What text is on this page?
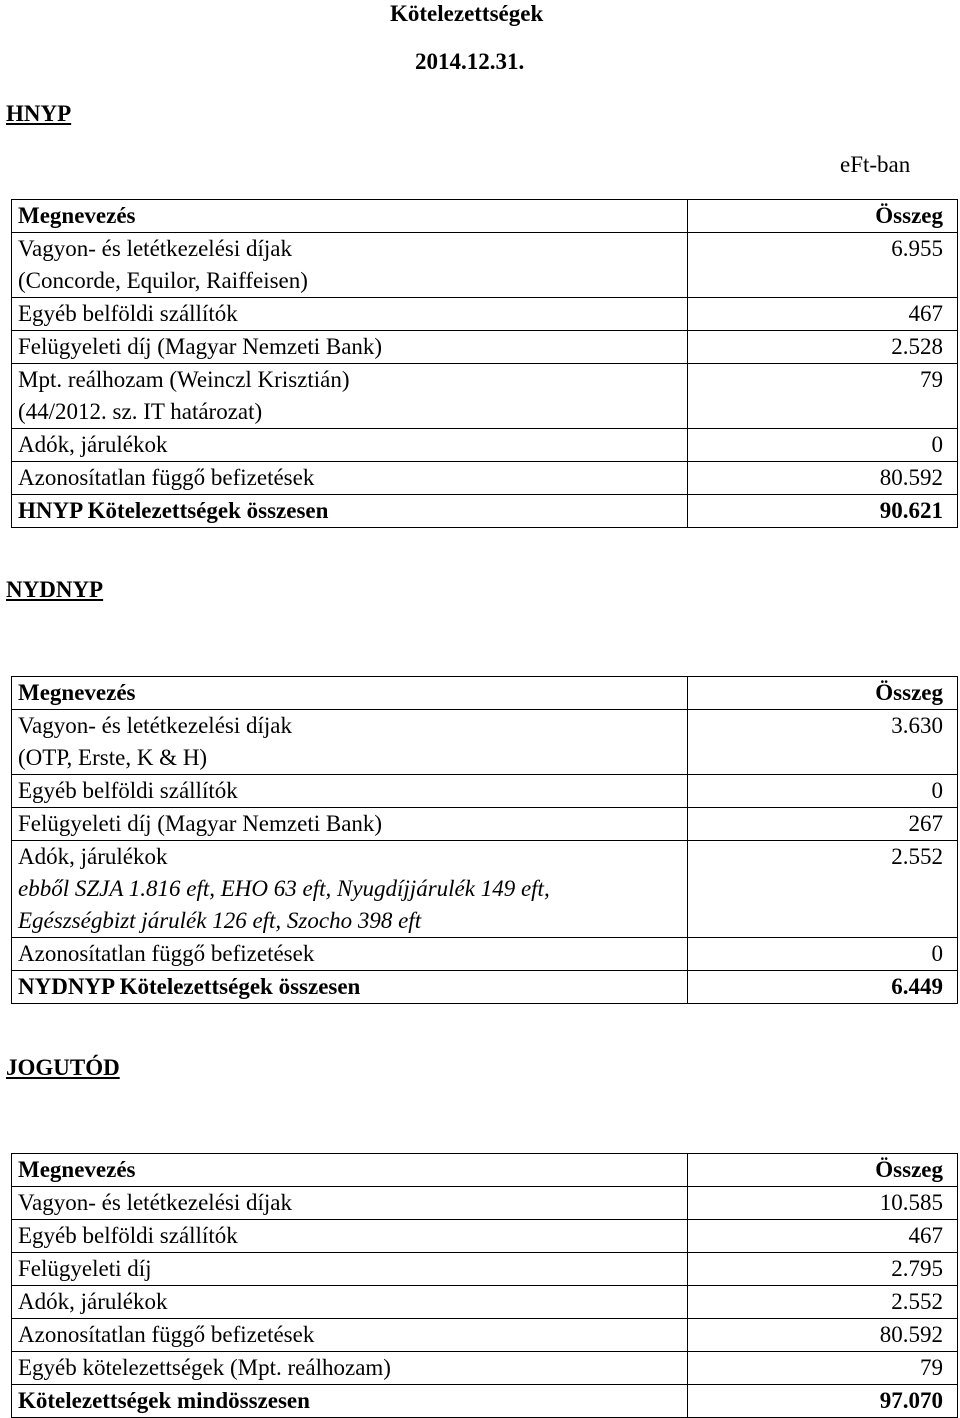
Kötelezettségek
2014.12.31.
HNYP
eFt-ban
Megnevezés	Összeg

Vagyon- és letétkezelési díjak
(Concorde, Equilor, Raiffeisen)	6.955

Egyéb belföldi szállítók	467

Felügyeleti díj (Magyar Nemzeti Bank)	2.528

Mpt. reálhozam (Weinczl Krisztián)
(44/2012. sz. IT határozat)	79

Adók, járulékok	0

Azonosítatlan függő befizetések	80.592
HNYP Kötelezettségek összesen	90.621
NYDNYP
Megnevezés	Összeg

Vagyon- és letétkezelési díjak
(OTP, Erste, K & H)	3.630

Egyéb belföldi szállítók	0

Felügyeleti díj (Magyar Nemzeti Bank)	267

Adók, járulékok
ebből SZJA 1.816 eft, EHO 63 eft, Nyugdíjjárulék 149 eft,
Egészségbizt járulék 126 eft, Szocho 398 eft	2.552

Azonosítatlan függő befizetések	0
NYDNYP Kötelezettségek összesen	6.449
JOGUTÓD
Megnevezés	Összeg

Vagyon- és letétkezelési díjak	10.585

Egyéb belföldi szállítók	467

Felügyeleti díj	2.795

Adók, járulékok	2.552

Azonosítatlan függő befizetések	80.592

Egyéb kötelezettségek (Mpt. reálhozam)	79
Kötelezettségek mindösszesen	97.070
